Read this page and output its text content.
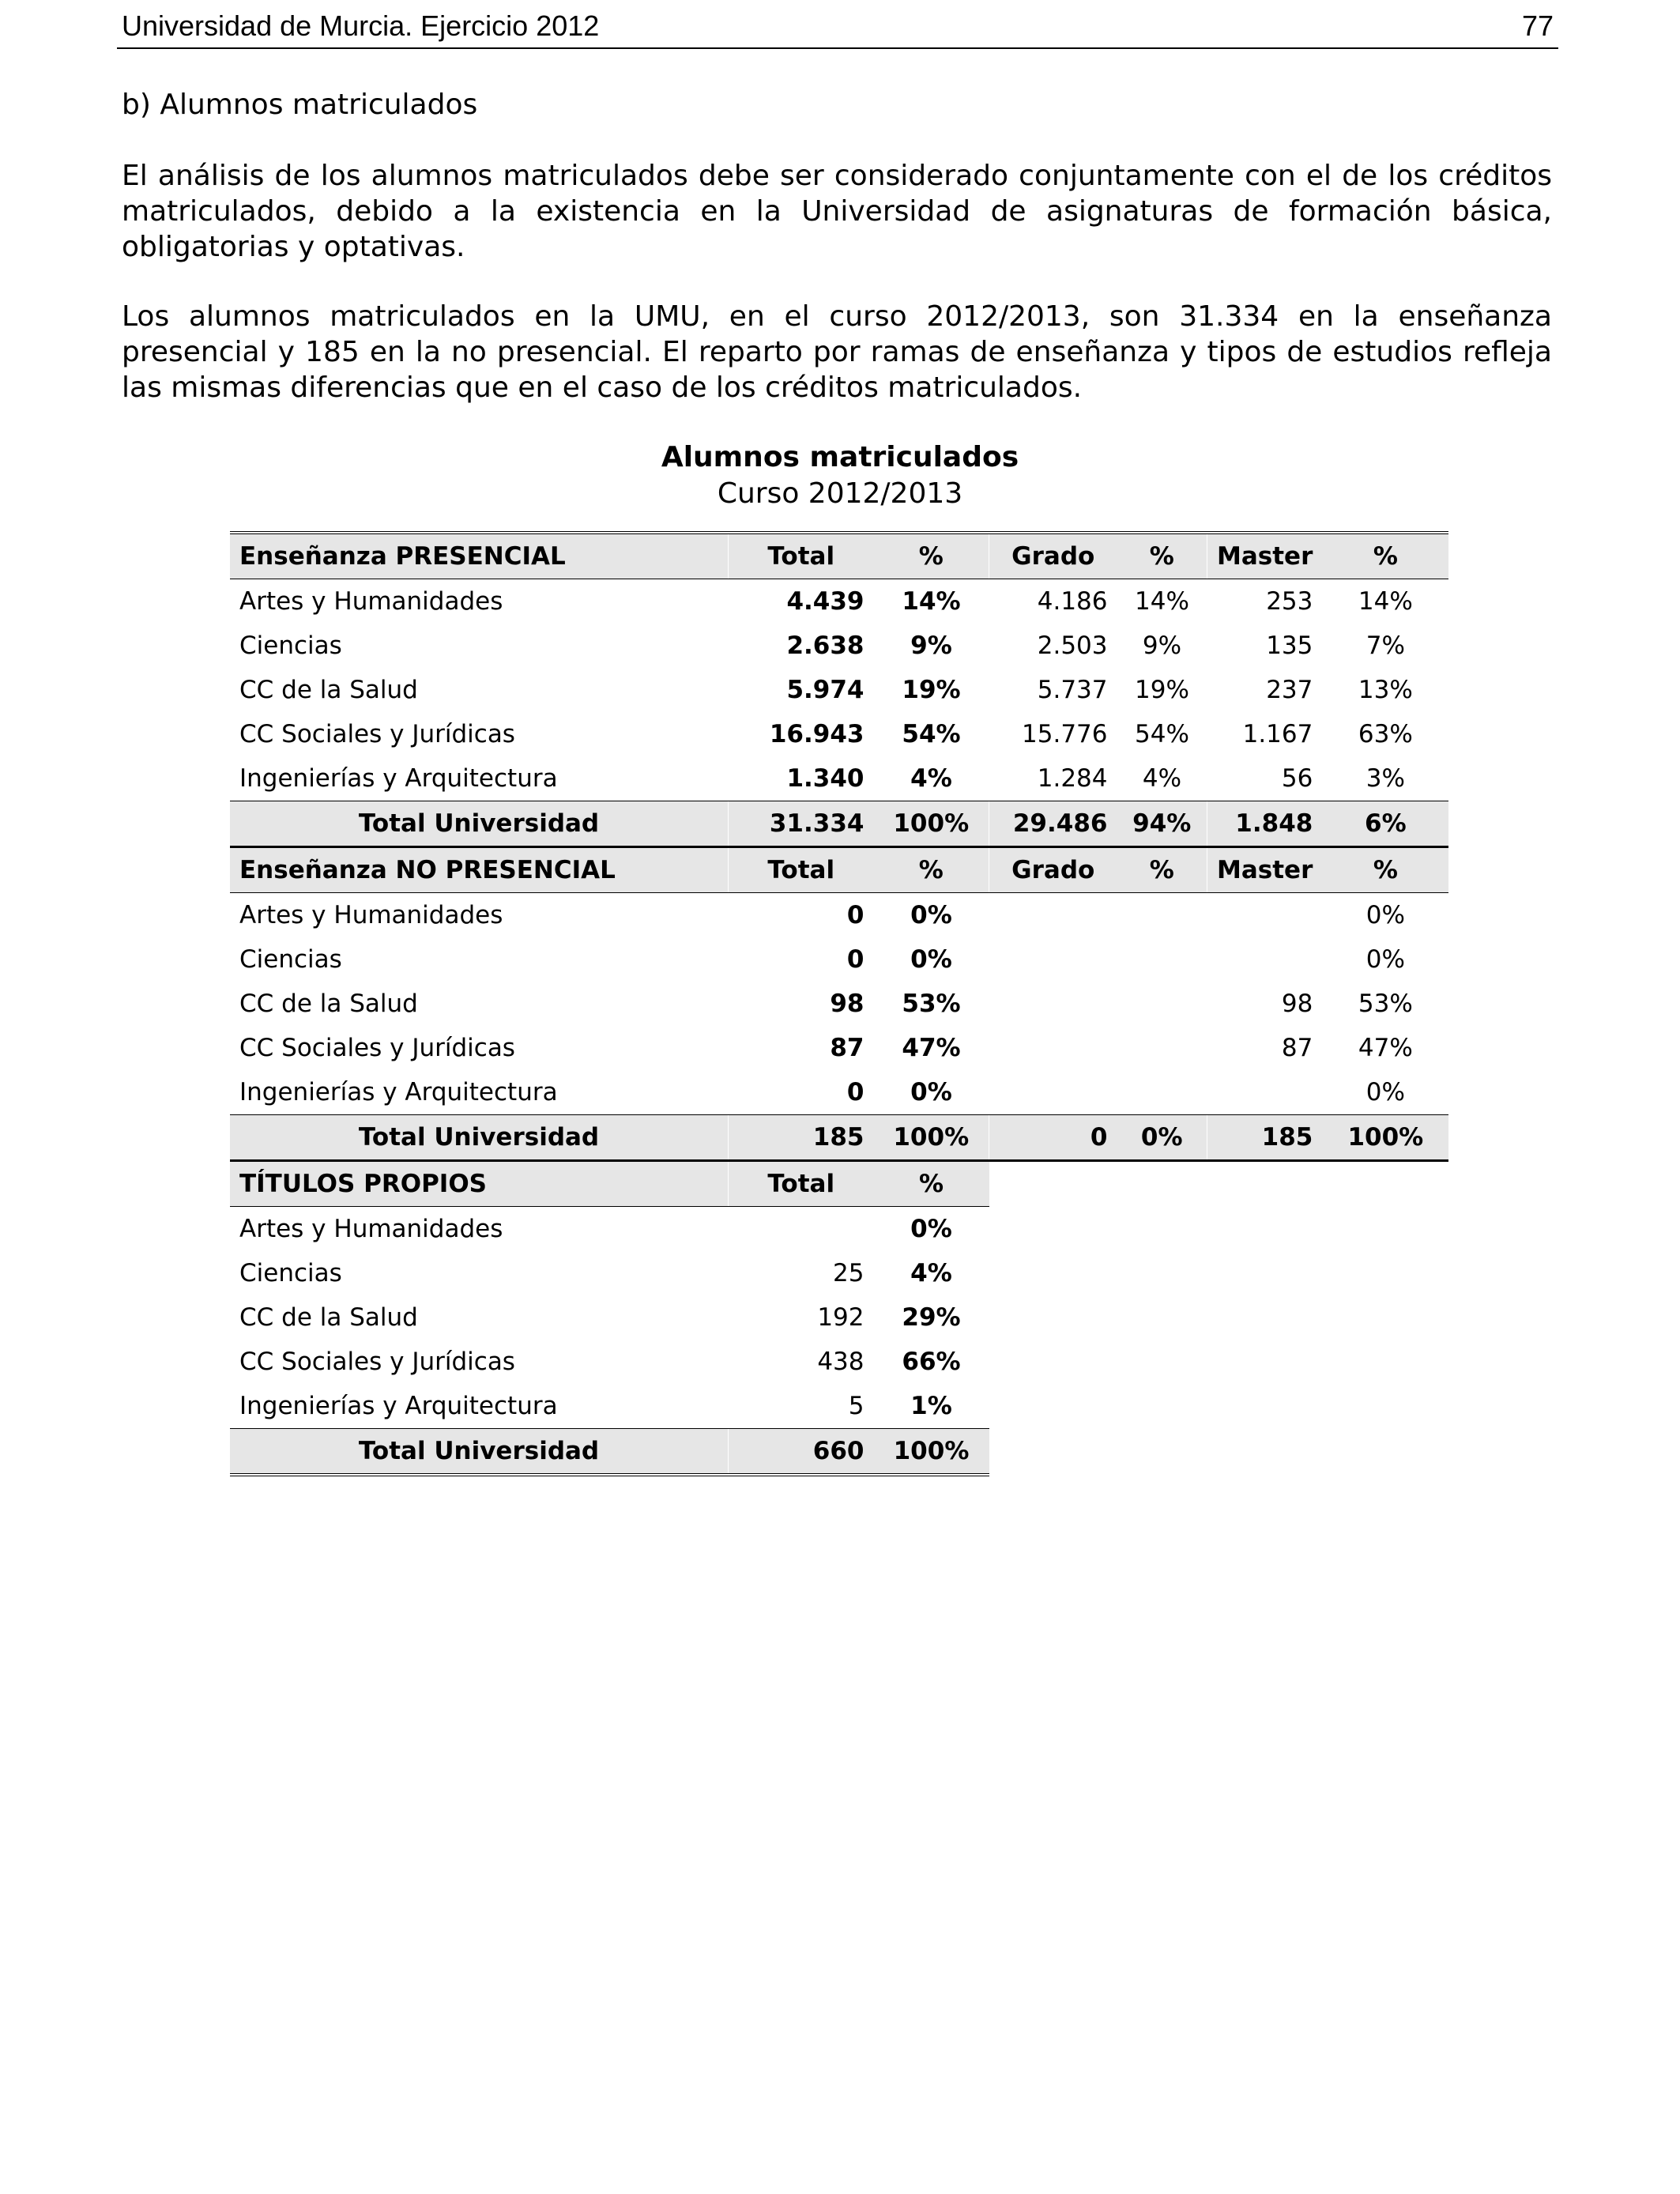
Universidad de Murcia. Ejercicio 2012	77
b) Alumnos matriculados

El análisis de los alumnos matriculados debe ser considerado conjuntamente con el de los créditos matriculados, debido a la existencia en la Universidad de asignaturas de formación básica, obligatorias y optativas.

Los alumnos matriculados en la UMU, en el curso 2012/2013, son 31.334 en la enseñanza presencial y 185 en la no presencial. El reparto por ramas de enseñanza y tipos de estudios refleja las mismas diferencias que en el caso de los créditos matriculados.

Alumnos matriculados
Curso 2012/2013
Enseñanza PRESENCIAL	Total	%	Grado	%	Master	%
Artes y Humanidades	4.439	14%	4.186	14%	253	14%
Ciencias	2.638	9%	2.503	9%	135	7%
CC de la Salud	5.974	19%	5.737	19%	237	13%
CC Sociales y Jurídicas	16.943	54%	15.776	54%	1.167	63%
Ingenierías y Arquitectura	1.340	4%	1.284	4%	56	3%
Total Universidad	31.334	100%	29.486	94%	1.848	6%
Enseñanza NO PRESENCIAL	Total	%	Grado	%	Master	%
Artes y Humanidades	0	0%				0%
Ciencias	0	0%				0%
CC de la Salud	98	53%			98	53%
CC Sociales y Jurídicas	87	47%			87	47%
Ingenierías y Arquitectura	0	0%				0%
Total Universidad	185	100%	0	0%	185	100%
TÍTULOS PROPIOS	Total	%				
Artes y Humanidades		0%				
Ciencias	25	4%				
CC de la Salud	192	29%				
CC Sociales y Jurídicas	438	66%				
Ingenierías y Arquitectura	5	1%				
Total Universidad	660	100%				
